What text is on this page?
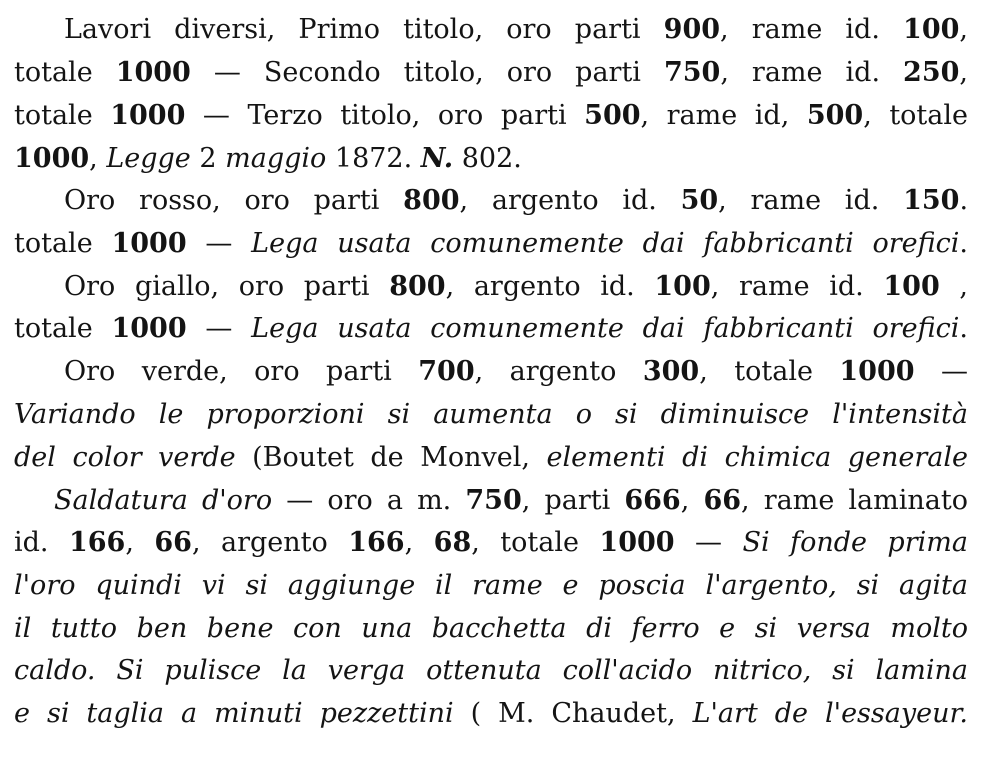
Lavori diversi, Primo titolo, oro parti 900, rame id. 100,
totale 1000 — Secondo titolo, oro parti 750, rame id. 250,
totale 1000 — Terzo titolo, oro parti 500, rame id, 500, totale
1000, Legge 2 maggio 1872. N. 802.
Oro rosso, oro parti 800, argento id. 50, rame id. 150.
totale 1000 — Lega usata comunemente dai fabbricanti orefici.
Oro giallo, oro parti 800, argento id. 100, rame id. 100 ,
totale 1000 — Lega usata comunemente dai fabbricanti orefici.
Oro verde, oro parti 700, argento 300, totale 1000 —
Variando le proporzioni si aumenta o si diminuisce l'intensità
del color verde (Boutet de Monvel, elementi di chimica generale
Saldatura d'oro — oro a m. 750, parti 666, 66, rame laminato
id. 166, 66, argento 166, 68, totale 1000 — Si fonde prima
l'oro quindi vi si aggiunge il rame e poscia l'argento, si agita
il tutto ben bene con una bacchetta di ferro e si versa molto
caldo. Si pulisce la verga ottenuta coll'acido nitrico, si lamina
e si taglia a minuti pezzettini ( M. Chaudet, L'art de l'essayeur.
